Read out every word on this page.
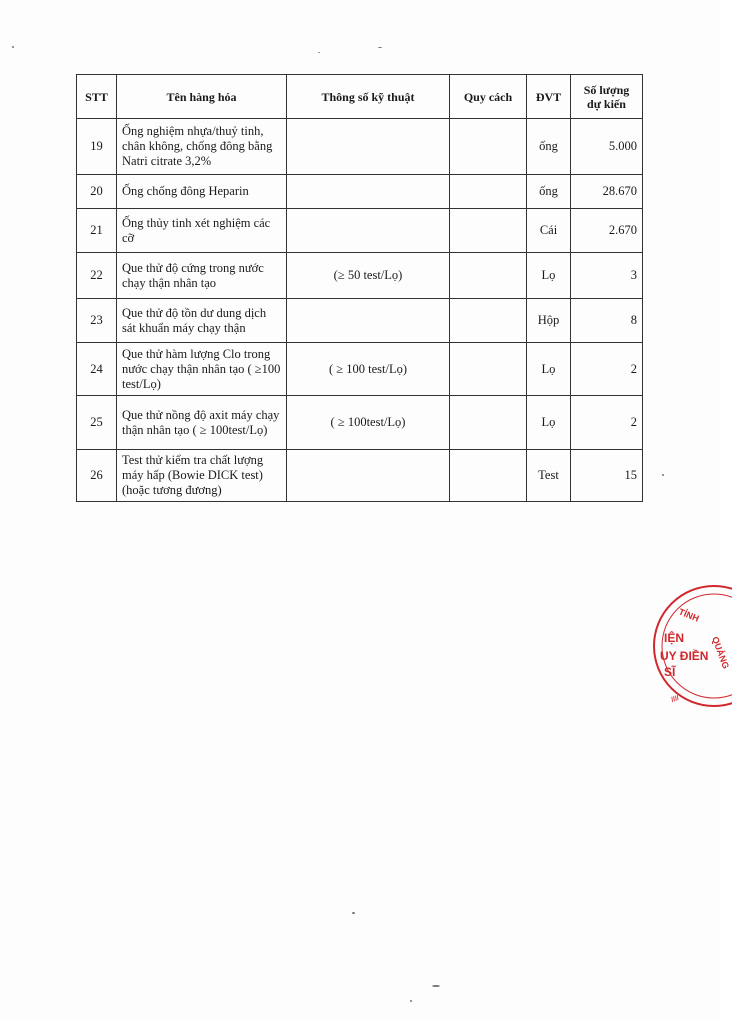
STT	Tên hàng hóa	Thông số kỹ thuật	Quy cách	ĐVT	Số lượng dự kiến
19	Ống nghiệm nhựa/thuỷ tinh, chân không, chống đông bằng Natri citrate 3,2%			ống	5.000
20	Ống chống đông Heparin			ống	28.670
21	Ống thủy tinh xét nghiệm các cỡ			Cái	2.670
22	Que thử độ cứng trong nước chạy thận nhân tạo	(≥ 50 test/Lọ)		Lọ	3
23	Que thử độ tồn dư dung dịch sát khuẩn máy chạy thận			Hộp	8
24	Que thử hàm lượng Clo trong nước chạy thận nhân tạo ( ≥100 test/Lọ)	( ≥ 100 test/Lọ)		Lọ	2
25	Que thử nồng độ axit máy chạy thận nhân tạo ( ≥ 100test/Lọ)	( ≥ 100test/Lọ)		Lọ	2
26	Test thử kiểm tra chất lượng máy hấp (Bowie DICK test) (hoặc tương đương)			Test	15
TỈNH
IỆN
UY ĐIỀN
SĨ
QUẢNG
////
